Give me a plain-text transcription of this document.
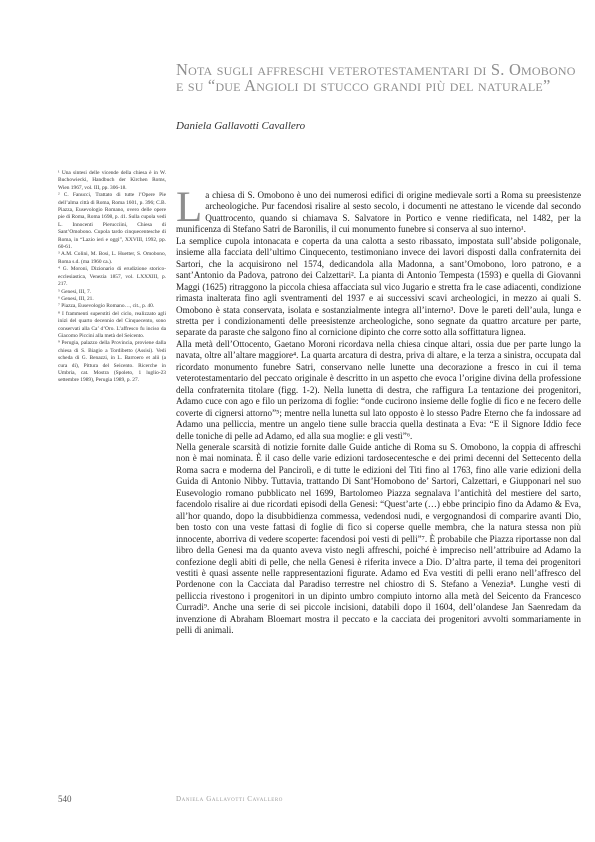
Nota sugli affreschi veterotestamentari di S. Omobono e su “due Angioli di stucco grandi più del naturale”
Daniela Gallavotti Cavallero

¹ Una sintesi delle vicende della chiesa è in W. Buchowiecki, Handbuch der Kirchen Roms, Wien 1967, vol. III, pp. 306-18.

² C. Fanucci, Trattato di tutte l’Opere Pie dell’alma città di Roma, Roma 1601, p. 396; C.B. Piazza, Eusevologio Romano, overo delle opere pie di Roma, Roma 1698, p. 41. Sulla cupola vedi L. Innocenti Pierucciini, Chiesa di Sant’Omobono. Cupola tardo cinquecentesche di Roma, in “Lazio ieri e oggi”, XXVIII, 1992, pp. 60-61.

³ A.M. Colini, M. Bosi, L. Huetter, S. Omobono, Roma s.d. (ma 1960 ca.).

⁴ G. Moroni, Dizionario di erudizione storico-ecclesiastica, Venezia 1857, vol. LXXXIII, p. 217.

⁵ Genesi, III, 7.

⁶ Genesi, III, 21.

⁷ Piazza, Eusevologio Romano…, cit., p. 40.

⁸ I frammenti superstiti del ciclo, realizzato agli inizi del quarto decennio del Cinquecento, sono conservati alla Ca’ d’Oro. L’affresco fu inciso da Giacomo Piccini alla metà del Seicento.

⁹ Perugia, palazzo della Provincia, proviene dalla chiesa di S. Biagio a Tordibetto (Assisi). Vedi scheda di G. Benazzi, in L. Barroero et alii (a cura di), Pittura del Seicento. Ricerche in Umbria, cat. Mostra (Spoleto, 1 luglio-23 settembre 1989), Perugia 1989, p. 27.

La chiesa di S. Omobono è uno dei numerosi edifici di origine medievale sorti a Roma su preesistenze archeologiche. Pur facendosi risalire al sesto secolo, i documenti ne attestano le vicende dal secondo Quattrocento, quando si chiamava S. Salvatore in Portico e venne riedificata, nel 1482, per la munificenza di Stefano Satri de Baronilis, il cui monumento funebre si conserva al suo interno¹.

La semplice cupola intonacata e coperta da una calotta a sesto ribassato, impostata sull’abside poligonale, insieme alla facciata dell’ultimo Cinquecento, testimoniano invece dei lavori disposti dalla confraternita dei Sartori, che la acquisirono nel 1574, dedicandola alla Madonna, a sant’Omobono, loro patrono, e a sant’Antonio da Padova, patrono dei Calzettari². La pianta di Antonio Tempesta (1593) e quella di Giovanni Maggi (1625) ritraggono la piccola chiesa affacciata sul vico Jugario e stretta fra le case adiacenti, condizione rimasta inalterata fino agli sventramenti del 1937 e ai successivi scavi archeologici, in mezzo ai quali S. Omobono è stata conservata, isolata e sostanzialmente integra all’interno³. Dove le pareti dell’aula, lunga e stretta per i condizionamenti delle preesistenze archeologiche, sono segnate da quattro arcature per parte, separate da paraste che salgono fino al cornicione dipinto che corre sotto alla soffittatura lignea.

Alla metà dell’Ottocento, Gaetano Moroni ricordava nella chiesa cinque altari, ossia due per parte lungo la navata, oltre all’altare maggiore⁴. La quarta arcatura di destra, priva di altare, e la terza a sinistra, occupata dal ricordato monumento funebre Satri, conservano nelle lunette una decorazione a fresco in cui il tema veterotestamentario del peccato originale è descritto in un aspetto che evoca l’origine divina della professione della confraternita titolare (figg. 1-2). Nella lunetta di destra, che raffigura La tentazione dei progenitori, Adamo cuce con ago e filo un perizoma di foglie: “onde cucirono insieme delle foglie di fico e ne fecero delle coverte di cignersi attorno”⁵; mentre nella lunetta sul lato opposto è lo stesso Padre Eterno che fa indossare ad Adamo una pelliccia, mentre un angelo tiene sulle braccia quella destinata a Eva: “E il Signore Iddio fece delle toniche di pelle ad Adamo, ed alla sua moglie: e gli vestì”⁶.

Nella generale scarsità di notizie fornite dalle Guide antiche di Roma su S. Omobono, la coppia di affreschi non è mai nominata. È il caso delle varie edizioni tardosecentesche e dei primi decenni del Settecento della Roma sacra e moderna del Pancirolì, e di tutte le edizioni del Titi fino al 1763, fino alle varie edizioni della Guida di Antonio Nibby. Tuttavia, trattando Di Sant’Homobono de’ Sartori, Calzettari, e Giupponari nel suo Eusevologio romano pubblicato nel 1699, Bartolomeo Piazza segnalava l’antichità del mestiere del sarto, facendolo risalire ai due ricordati episodi della Genesi: “Quest’arte (…) ebbe principio fino da Adamo & Eva, all’hor quando, dopo la disubbidienza commessa, vedendosi nudi, e vergognandosi di comparire avanti Dio, ben tosto con una veste fattasi di foglie di fico si coperse quelle membra, che la natura stessa non più innocente, aborriva di vedere scoperte: facendosi poi vesti di pelli”⁷. È probabile che Piazza riportasse non dal libro della Genesi ma da quanto aveva visto negli affreschi, poiché è impreciso nell’attribuire ad Adamo la confezione degli abiti di pelle, che nella Genesi è riferita invece a Dio. D’altra parte, il tema dei progenitori vestiti è quasi assente nelle rappresentazioni figurate. Adamo ed Eva vestiti di pelli erano nell’affresco del Pordenone con la Cacciata dal Paradiso terrestre nel chiostro di S. Stefano a Venezia⁸. Lunghe vesti di pelliccia rivestono i progenitori in un dipinto umbro compiuto intorno alla metà del Seicento da Francesco Curradi⁹. Anche una serie di sei piccole incisioni, databili dopo il 1604, dell’olandese Jan Saenredam da invenzione di Abraham Bloemart mostra il peccato e la cacciata dei progenitori avvolti sommariamente in pelli di animali.

540	Daniela Gallavotti Cavallero
